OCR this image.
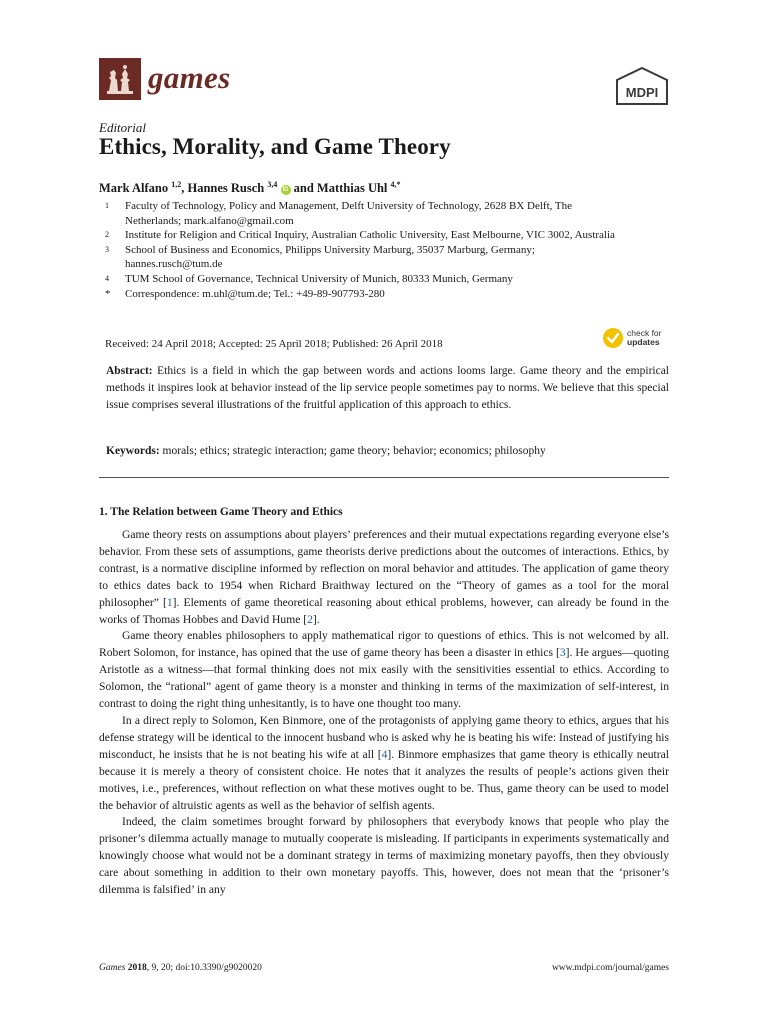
games	MDPI
Editorial
Ethics, Morality, and Game Theory
Mark Alfano $^{1,2}$, Hannes Rusch $^{3,4}$ iD and Matthias Uhl $^{4,*}$
1	Faculty of Technology, Policy and Management, Delft University of Technology, 2628 BX Delft, The Netherlands; mark.alfano@gmail.com
2	Institute for Religion and Critical Inquiry, Australian Catholic University, East Melbourne, VIC 3002, Australia
3	School of Business and Economics, Philipps University Marburg, 35037 Marburg, Germany; hannes.rusch@tum.de
4	TUM School of Governance, Technical University of Munich, 80333 Munich, Germany
*	Correspondence: m.uhl@tum.de; Tel.: +49-89-907793-280
Received: 24 April 2018; Accepted: 25 April 2018; Published: 26 April 2018
check for
updates
Abstract: Ethics is a field in which the gap between words and actions looms large. Game theory and the empirical methods it inspires look at behavior instead of the lip service people sometimes pay to norms. We believe that this special issue comprises several illustrations of the fruitful application of this approach to ethics.
Keywords: morals; ethics; strategic interaction; game theory; behavior; economics; philosophy
1. The Relation between Game Theory and Ethics

Game theory rests on assumptions about players’ preferences and their mutual expectations regarding everyone else’s behavior. From these sets of assumptions, game theorists derive predictions about the outcomes of interactions. Ethics, by contrast, is a normative discipline informed by reflection on moral behavior and attitudes. The application of game theory to ethics dates back to 1954 when Richard Braithway lectured on the “Theory of games as a tool for the moral philosopher” [1]. Elements of game theoretical reasoning about ethical problems, however, can already be found in the works of Thomas Hobbes and David Hume [2].

Game theory enables philosophers to apply mathematical rigor to questions of ethics. This is not welcomed by all. Robert Solomon, for instance, has opined that the use of game theory has been a disaster in ethics [3]. He argues—quoting Aristotle as a witness—that formal thinking does not mix easily with the sensitivities essential to ethics. According to Solomon, the “rational” agent of game theory is a monster and thinking in terms of the maximization of self-interest, in contrast to doing the right thing unhesitantly, is to have one thought too many.

In a direct reply to Solomon, Ken Binmore, one of the protagonists of applying game theory to ethics, argues that his defense strategy will be identical to the innocent husband who is asked why he is beating his wife: Instead of justifying his misconduct, he insists that he is not beating his wife at all [4]. Binmore emphasizes that game theory is ethically neutral because it is merely a theory of consistent choice. He notes that it analyzes the results of people’s actions given their motives, i.e., preferences, without reflection on what these motives ought to be. Thus, game theory can be used to model the behavior of altruistic agents as well as the behavior of selfish agents.

Indeed, the claim sometimes brought forward by philosophers that everybody knows that people who play the prisoner’s dilemma actually manage to mutually cooperate is misleading. If participants in experiments systematically and knowingly choose what would not be a dominant strategy in terms of maximizing monetary payoffs, then they obviously care about something in addition to their own monetary payoffs. This, however, does not mean that the ‘prisoner’s dilemma is falsified’ in any

Games 2018, 9, 20; doi:10.3390/g9020020	www.mdpi.com/journal/games
